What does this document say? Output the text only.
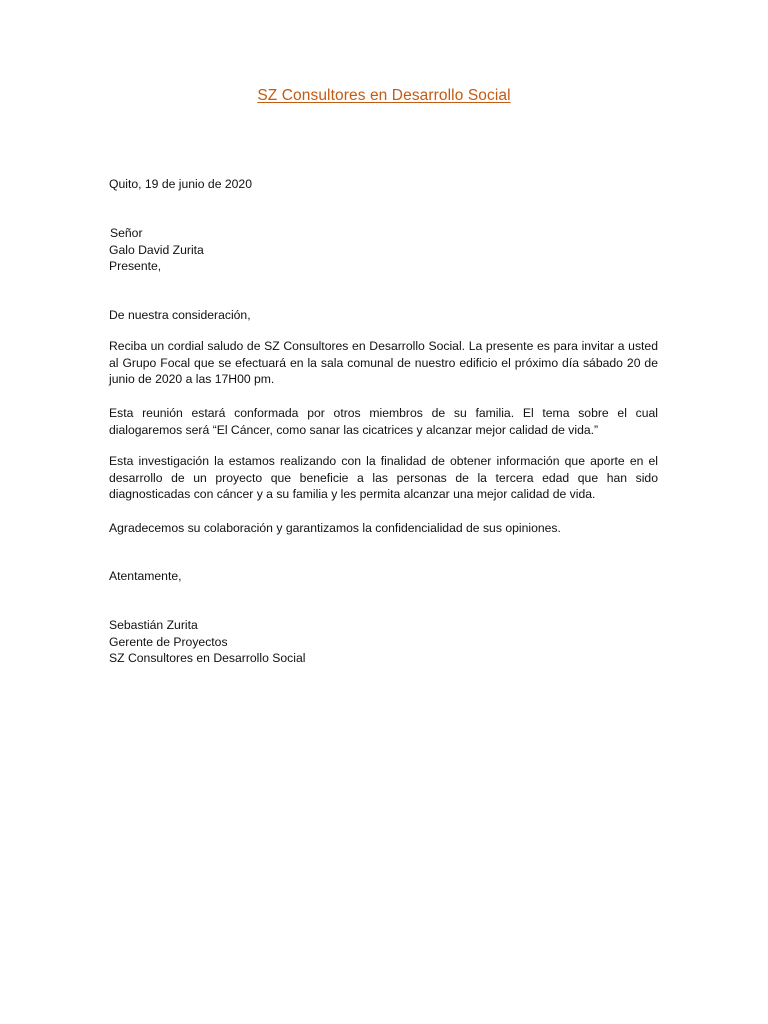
SZ Consultores en Desarrollo Social
Quito, 19 de junio de 2020
Señor
Galo David Zurita
Presente,
De nuestra consideración,
Reciba un cordial saludo de SZ Consultores en Desarrollo Social. La presente es para invitar a usted al Grupo Focal que se efectuará en la sala comunal de nuestro edificio el próximo día sábado 20 de junio de 2020 a las 17H00 pm.
Esta reunión estará conformada por otros miembros de su familia. El tema sobre el cual dialogaremos será “El Cáncer, como sanar las cicatrices y alcanzar mejor calidad de vida.”
Esta investigación la estamos realizando con la finalidad de obtener información que aporte en el desarrollo de un proyecto que beneficie a las personas de la tercera edad que han sido diagnosticadas con cáncer y a su familia y les permita alcanzar una mejor calidad de vida.
Agradecemos su colaboración y garantizamos la confidencialidad de sus opiniones.
Atentamente,
Sebastián Zurita
Gerente de Proyectos
SZ Consultores en Desarrollo Social
